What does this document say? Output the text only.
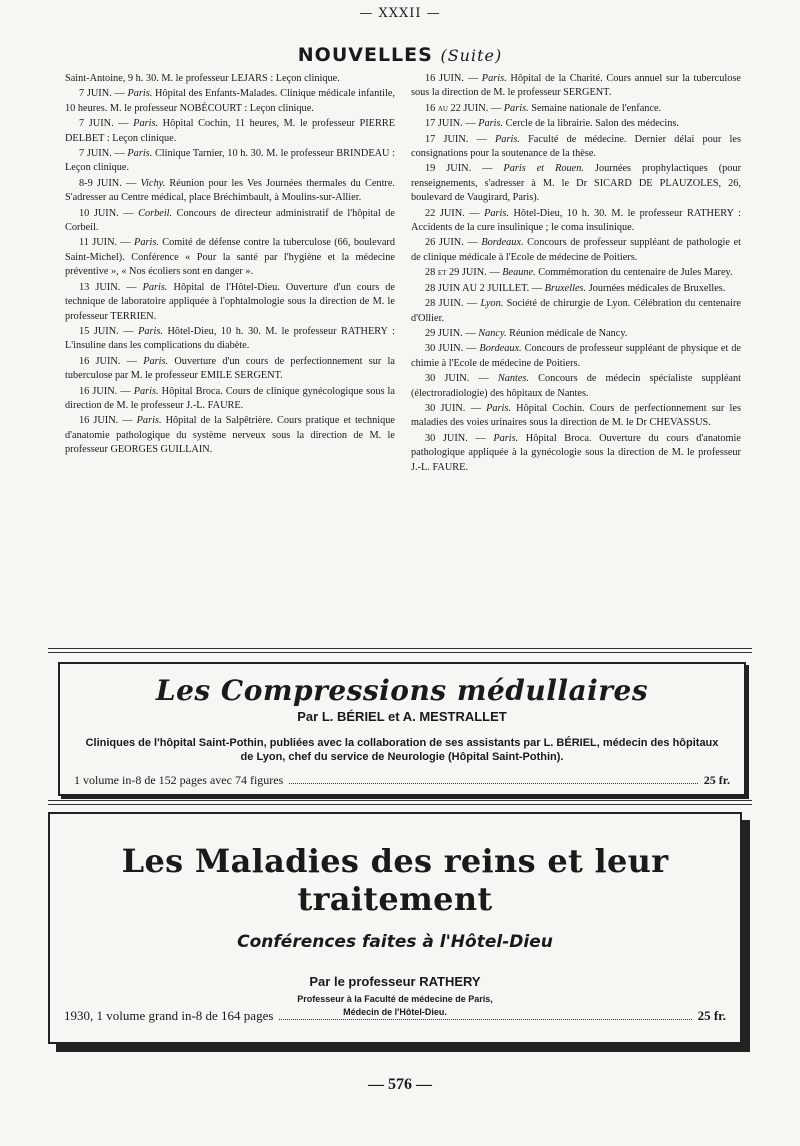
— XXXII —
NOUVELLES (Suite)

Saint-Antoine, 9 h. 30. M. le professeur LEJARS : Leçon clinique.

7 JUIN. — Paris. Hôpital des Enfants-Malades. Clinique médicale infantile, 10 heures. M. le professeur NOBÉCOURT : Leçon clinique.

7 JUIN. — Paris. Hôpital Cochin, 11 heures, M. le professeur PIERRE DELBET : Leçon clinique.

7 JUIN. — Paris. Clinique Tarnier, 10 h. 30. M. le professeur BRINDEAU : Leçon clinique.

8-9 JUIN. — Vichy. Réunion pour les Ves Journées thermales du Centre. S'adresser au Centre médical, place Bréchimbault, à Moulins-sur-Allier.

10 JUIN. — Corbeil. Concours de directeur administratif de l'hôpital de Corbeil.

11 JUIN. — Paris. Comité de défense contre la tuberculose (66, boulevard Saint-Michel). Conférence « Pour la santé par l'hygiène et la médecine préventive », « Nos écoliers sont en danger ».

13 JUIN. — Paris. Hôpital de l'Hôtel-Dieu. Ouverture d'un cours de technique de laboratoire appliquée à l'ophtalmologie sous la direction de M. le professeur TERRIEN.

15 JUIN. — Paris. Hôtel-Dieu, 10 h. 30. M. le professeur RATHERY : L'insuline dans les complications du diabète.

16 JUIN. — Paris. Ouverture d'un cours de perfectionnement sur la tuberculose par M. le professeur EMILE SERGENT.

16 JUIN. — Paris. Hôpital Broca. Cours de clinique gynécologique sous la direction de M. le professeur J.-L. FAURE.

16 JUIN. — Paris. Hôpital de la Salpêtrière. Cours pratique et technique d'anatomie pathologique du système nerveux sous la direction de M. le professeur GEORGES GUILLAIN.

16 JUIN. — Paris. Hôpital de la Charité. Cours annuel sur la tuberculose sous la direction de M. le professeur SERGENT.

16 au 22 JUIN. — Paris. Semaine nationale de l'enfance.

17 JUIN. — Paris. Cercle de la librairie. Salon des médecins.

17 JUIN. — Paris. Faculté de médecine. Dernier délai pour les consignations pour la soutenance de la thèse.

19 JUIN. — Paris et Rouen. Journées prophylactiques (pour renseignements, s'adresser à M. le Dr SICARD DE PLAUZOLES, 26, boulevard de Vaugirard, Paris).

22 JUIN. — Paris. Hôtel-Dieu, 10 h. 30. M. le professeur RATHERY : Accidents de la cure insulinique ; le coma insulinique.

26 JUIN. — Bordeaux. Concours de professeur suppléant de pathologie et de clinique médicale à l'Ecole de médecine de Poitiers.

28 et 29 JUIN. — Beaune. Commémoration du centenaire de Jules Marey.

28 JUIN AU 2 JUILLET. — Bruxelles. Journées médicales de Bruxelles.

28 JUIN. — Lyon. Société de chirurgie de Lyon. Célébration du centenaire d'Ollier.

29 JUIN. — Nancy. Réunion médicale de Nancy.

30 JUIN. — Bordeaux. Concours de professeur suppléant de physique et de chimie à l'Ecole de médecine de Poitiers.

30 JUIN. — Nantes. Concours de médecin spécialiste suppléant (électroradiologie) des hôpitaux de Nantes.

30 JUIN. — Paris. Hôpital Cochin. Cours de perfectionnement sur les maladies des voies urinaires sous la direction de M. le Dr CHEVASSUS.

30 JUIN. — Paris. Hôpital Broca. Ouverture du cours d'anatomie pathologique appliquée à la gynécologie sous la direction de M. le professeur J.-L. FAURE.

Les Compressions médullaires
Par L. BÉRIEL et A. MESTRALLET
Cliniques de l'hôpital Saint-Pothin, publiées avec la collaboration de ses assistants par L. BÉRIEL, médecin des hôpitaux de Lyon, chef du service de Neurologie (Hôpital Saint-Pothin).
1 volume in-8 de 152 pages avec 74 figures	25 fr.
Les Maladies des reins et leur traitement
Conférences faites à l'Hôtel-Dieu
Par le professeur RATHERY
Professeur à la Faculté de médecine de Paris,
Médecin de l'Hôtel-Dieu.
1930, 1 volume grand in-8 de 164 pages	25 fr.
— 576 —
